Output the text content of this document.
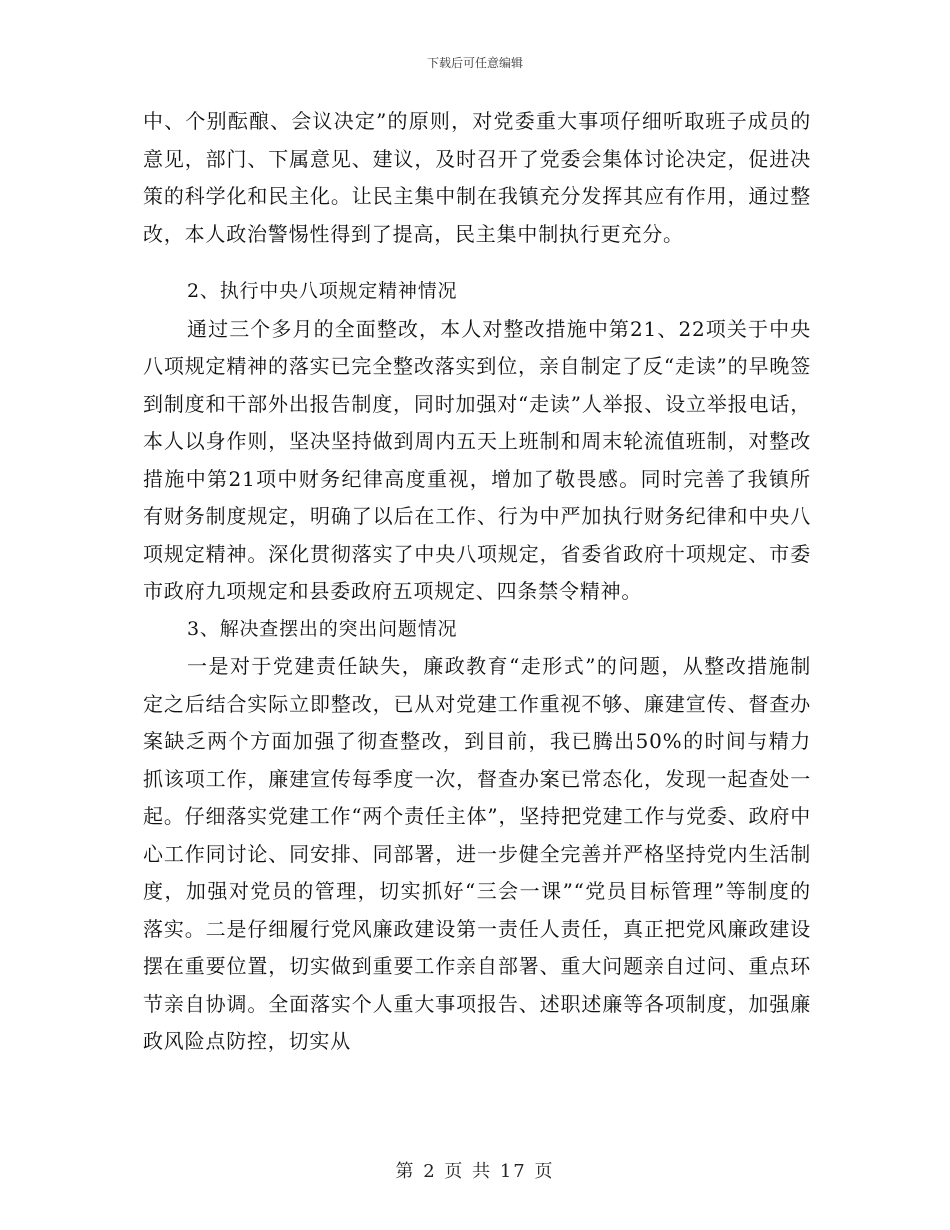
下载后可任意编辑

中、个别酝酿、会议决定”的原则，对党委重大事项仔细听取班子成员的意见，部门、下属意见、建议，及时召开了党委会集体讨论决定，促进决策的科学化和民主化。让民主集中制在我镇充分发挥其应有作用，通过整改，本人政治警惕性得到了提高，民主集中制执行更充分。

2、执行中央八项规定精神情况

通过三个多月的全面整改，本人对整改措施中第21、22项关于中央八项规定精神的落实已完全整改落实到位，亲自制定了反“走读”的早晚签到制度和干部外出报告制度，同时加强对“走读”人举报、设立举报电话，本人以身作则，坚决坚持做到周内五天上班制和周末轮流值班制，对整改措施中第21项中财务纪律高度重视，增加了敬畏感。同时完善了我镇所有财务制度规定，明确了以后在工作、行为中严加执行财务纪律和中央八项规定精神。深化贯彻落实了中央八项规定，省委省政府十项规定、市委市政府九项规定和县委政府五项规定、四条禁令精神。

3、解决查摆出的突出问题情况

一是对于党建责任缺失，廉政教育“走形式”的问题，从整改措施制定之后结合实际立即整改，已从对党建工作重视不够、廉建宣传、督查办案缺乏两个方面加强了彻查整改，到目前，我已腾出50%的时间与精力抓该项工作，廉建宣传每季度一次，督查办案已常态化，发现一起查处一起。仔细落实党建工作“两个责任主体”，坚持把党建工作与党委、政府中心工作同讨论、同安排、同部署，进一步健全完善并严格坚持党内生活制度，加强对党员的管理，切实抓好“三会一课”“党员目标管理”等制度的落实。二是仔细履行党风廉政建设第一责任人责任，真正把党风廉政建设摆在重要位置，切实做到重要工作亲自部署、重大问题亲自过问、重点环节亲自协调。全面落实个人重大事项报告、述职述廉等各项制度，加强廉政风险点防控，切实从

第 2 页 共 17 页
